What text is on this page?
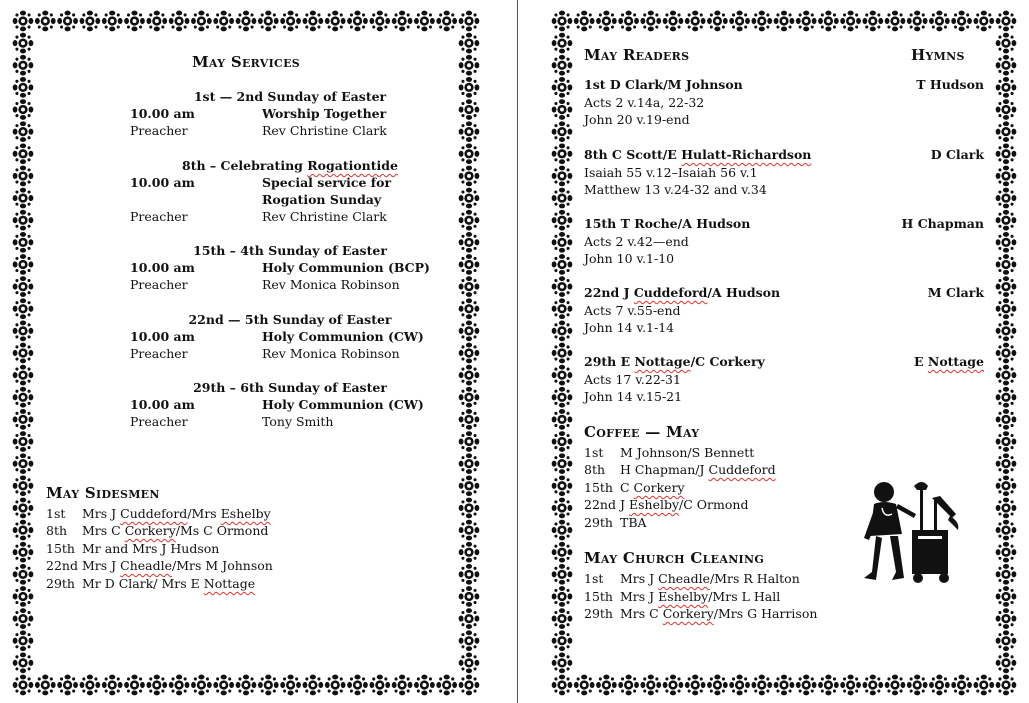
May Services
1st — 2nd Sunday of Easter
10.00 am	Worship Together
Preacher	Rev Christine Clark
8th – Celebrating Rogationtide
10.00 am	Special service for Rogation Sunday
Preacher	Rev Christine Clark
15th – 4th Sunday of Easter
10.00 am	Holy Communion (BCP)
Preacher	Rev Monica Robinson
22nd — 5th Sunday of Easter
10.00 am	Holy Communion (CW)
Preacher	Rev Monica Robinson
29th – 6th Sunday of Easter
10.00 am	Holy Communion (CW)
Preacher	Tony Smith
May Sidesmen
1st Mrs J Cuddeford/Mrs Eshelby
8th Mrs C Corkery/Ms C Ormond
15th Mr and Mrs J Hudson
22nd Mrs J Cheadle/Mrs M Johnson
29th Mr D Clark/ Mrs E Nottage
May Readers	Hymns
1st D Clark/M Johnson	T Hudson
Acts 2 v.14a, 22-32
John 20 v.19-end
8th C Scott/E Hulatt-Richardson	D Clark
Isaiah 55 v.12–Isaiah 56 v.1
Matthew 13 v.24-32 and v.34
15th T Roche/A Hudson	H Chapman
Acts 2 v.42—end
John 10 v.1-10
22nd J Cuddeford/A Hudson	M Clark
Acts 7 v.55-end
John 14 v.1-14
29th E Nottage/C Corkery	E Nottage
Acts 17 v.22-31
John 14 v.15-21
Coffee — May
1st M Johnson/S Bennett
8th H Chapman/J Cuddeford
15th C Corkery
22nd J Eshelby/C Ormond
29th TBA
May Church Cleaning
1st Mrs J Cheadle/Mrs R Halton
15th Mrs J Eshelby/Mrs L Hall
29th Mrs C Corkery/Mrs G Harrison
